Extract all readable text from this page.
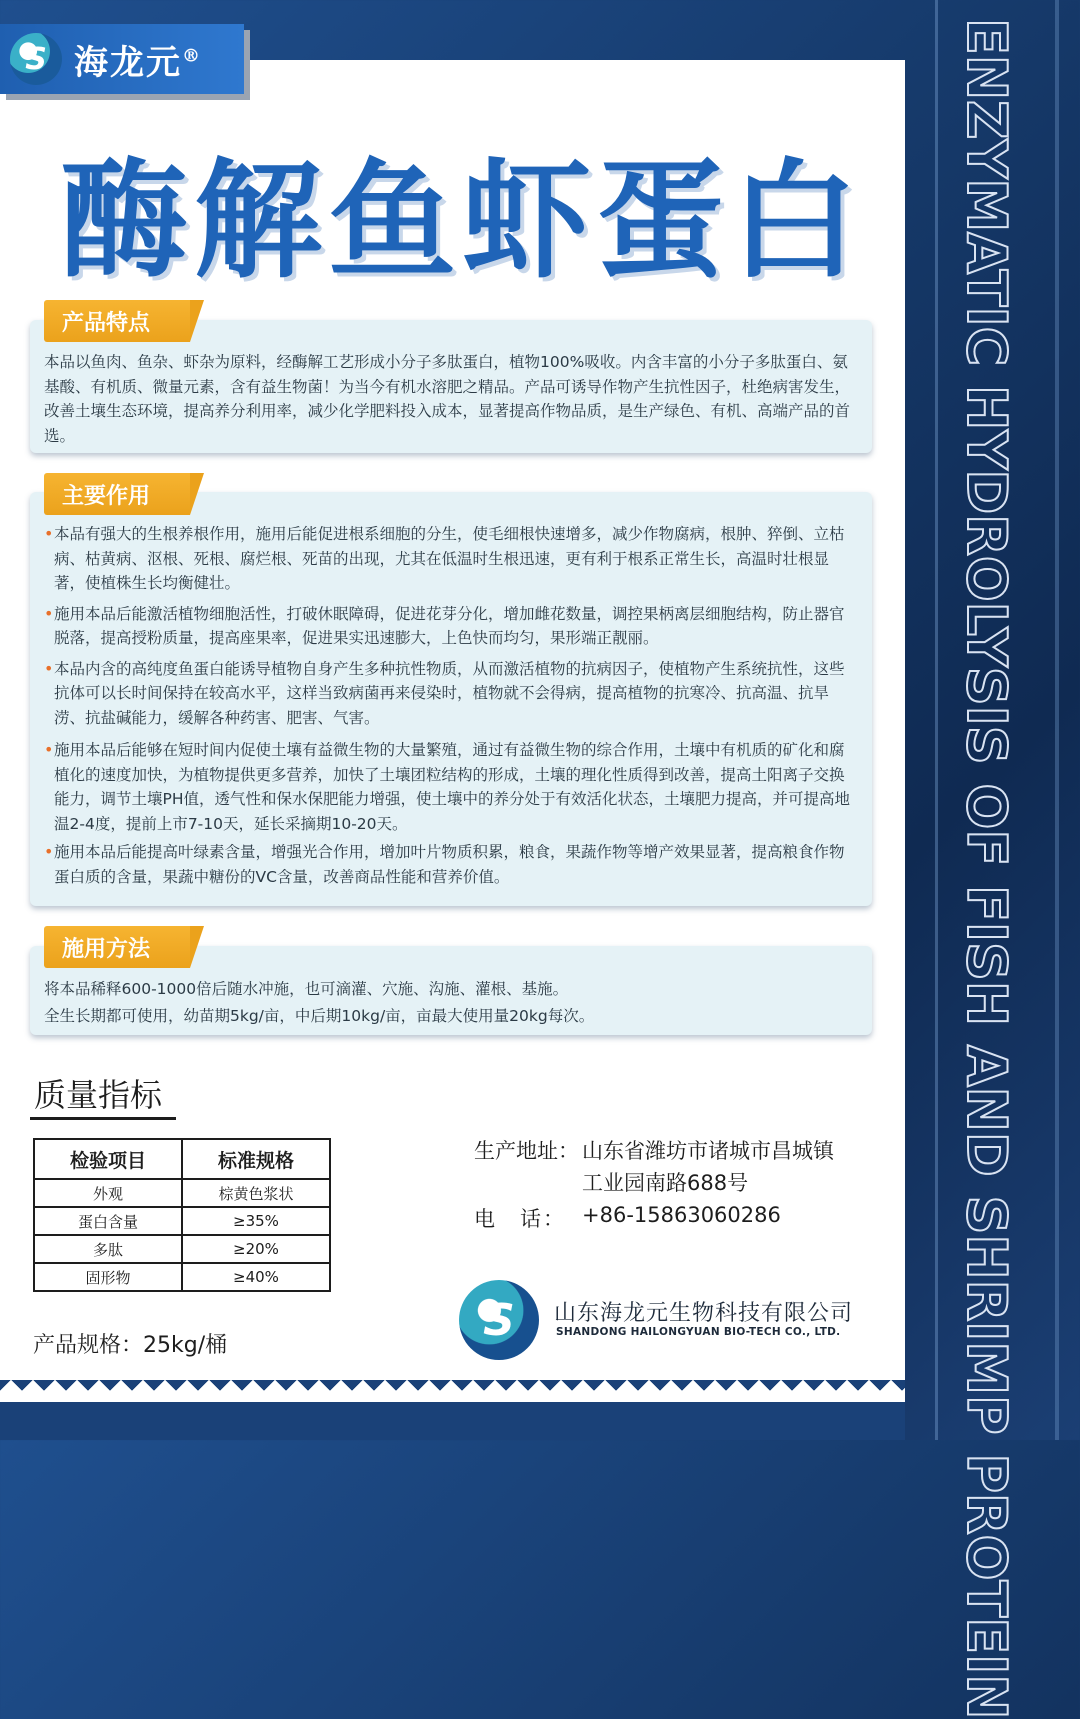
S 海龙元®
酶解鱼虾蛋白 ENZYMATIC HYDROLYSIS OF FISH AND SHRIMP PROTEIN
本品以鱼肉、鱼杂、虾杂为原料，经酶解工艺形成小分子多肽蛋白，植物100%吸收。内含丰富的小分子多肽蛋白、氨基酸、有机质、微量元素，含有益生物菌！为当今有机水溶肥之精品。产品可诱导作物产生抗性因子，杜绝病害发生，改善土壤生态环境，提高养分利用率，减少化学肥料投入成本，显著提高作物品质，是生产绿色、有机、高端产品的首选。
产品特点
• 本品有强大的生根养根作用，施用后能促进根系细胞的分生，使毛细根快速增多，减少作物腐病，根肿、猝倒、立枯病、枯黄病、沤根、死根、腐烂根、死苗的出现，尤其在低温时生根迅速，更有利于根系正常生长，高温时壮根显著，使植株生长均衡健壮。
• 施用本品后能激活植物细胞活性，打破休眠障碍，促进花芽分化，增加雌花数量，调控果柄离层细胞结构，防止器官脱落，提高授粉质量，提高座果率，促进果实迅速膨大，上色快而均匀，果形端正靓丽。
• 本品内含的高纯度鱼蛋白能诱导植物自身产生多种抗性物质，从而激活植物的抗病因子，使植物产生系统抗性，这些抗体可以长时间保持在较高水平，这样当致病菌再来侵染时，植物就不会得病，提高植物的抗寒冷、抗高温、抗旱涝、抗盐碱能力，缓解各种药害、肥害、气害。
• 施用本品后能够在短时间内促使土壤有益微生物的大量繁殖，通过有益微生物的综合作用，土壤中有机质的矿化和腐植化的速度加快，为植物提供更多营养，加快了土壤团粒结构的形成，土壤的理化性质得到改善，提高土阳离子交换能力，调节土壤PH值，透气性和保水保肥能力增强，使土壤中的养分处于有效活化状态，土壤肥力提高，并可提高地温2-4度，提前上市7-10天，延长采摘期10-20天。
• 施用本品后能提高叶绿素含量，增强光合作用，增加叶片物质积累，粮食，果蔬作物等增产效果显著，提高粮食作物蛋白质的含量，果蔬中糖份的VC含量，改善商品性能和营养价值。
主要作用
将本品稀释600-1000倍后随水冲施，也可滴灌、穴施、沟施、灌根、基施。
全生长期都可使用，幼苗期5kg/亩，中后期10kg/亩，亩最大使用量20kg每次。
施用方法
质量指标
检验项目	标准规格
外观	棕黄色浆状
蛋白含量	≥35%
多肽	≥20%
固形物	≥40%
产品规格：25kg/桶
生产地址： 山东省潍坊市诸城市昌城镇
工业园南路688号
电　话： +86-15863060286
S	山东海龙元生物科技有限公司
SHANDONG HAILONGYUAN BIO-TECH CO., LTD.
